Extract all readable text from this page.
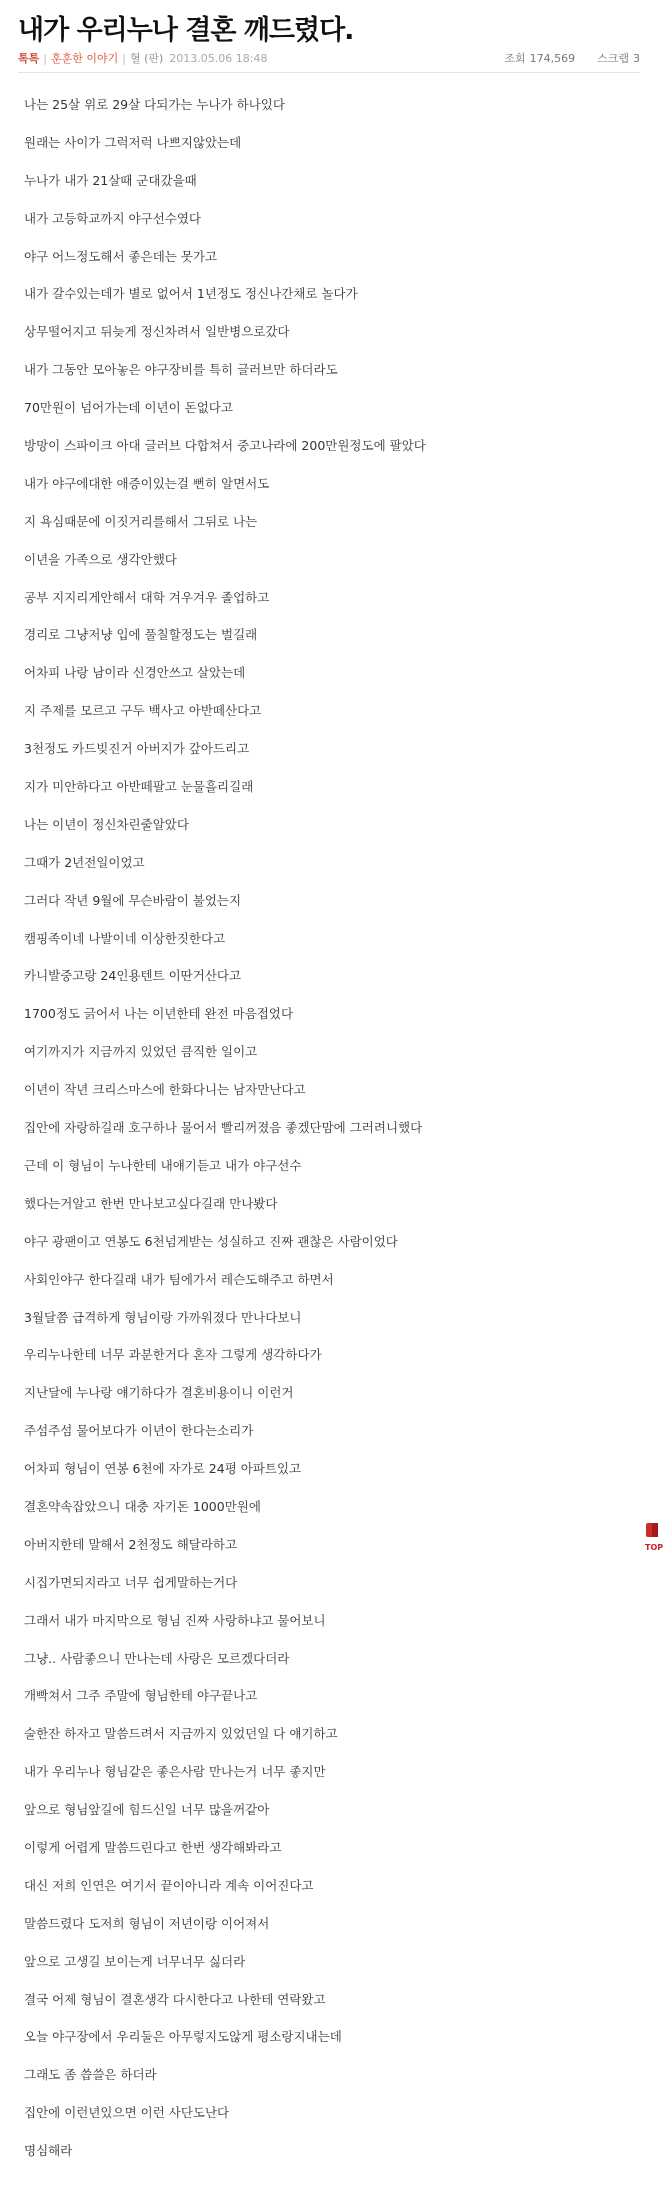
내가 우리누나 결혼 깨드렸다.
톡톡 | 훈훈한 이야기 | 혈 (판) 2013.05.06 18:48	조회 174,569 스크랩 3
나는 25살 위로 29살 다되가는 누나가 하나있다
원래는 사이가 그럭저럭 나쁘지않았는데
누나가 내가 21살때 군대갔을때
내가 고등학교까지 야구선수였다
야구 어느정도해서 좋은데는 못가고
내가 갈수있는데가 별로 없어서 1년정도 정신나간채로 놀다가
상무떨어지고 뒤늦게 정신차려서 일반병으로갔다
내가 그동안 모아놓은 야구장비를 특히 글러브만 하더라도
70만원이 넘어가는데 이년이 돈없다고
방망이 스파이크 아대 글러브 다합쳐서 중고나라에 200만원정도에 팔았다
내가 야구에대한 애증이있는걸 뻔히 알면서도
지 욕심때문에 이짓거리를해서 그뒤로 나는
이년을 가족으로 생각안했다
공부 지지리게안해서 대학 겨우겨우 졸업하고
경리로 그냥저냥 입에 풀칠할정도는 벌길래
어차피 나랑 남이라 신경안쓰고 살았는데
지 주제를 모르고 구두 백사고 아반떼산다고
3천정도 카드빚진거 아버지가 갚아드리고
지가 미안하다고 아반떼팔고 눈물흘리길래
나는 이년이 정신차린줄알았다
그때가 2년전일이었고
그러다 작년 9월에 무슨바람이 불었는지
캠핑족이네 나발이네 이상한짓한다고
카니발중고랑 24인용텐트 이딴거산다고
1700정도 긁어서 나는 이년한테 완전 마음접었다
여기까지가 지금까지 있었던 큼직한 일이고
이년이 작년 크리스마스에 한화다니는 남자만난다고
집안에 자랑하길래 호구하나 물어서 빨리꺼졌음 좋겠단맘에 그러려니했다
근데 이 형님이 누나한테 내얘기듣고 내가 야구선수
했다는거알고 한번 만나보고싶다길래 만나봤다
야구 광팬이고 연봉도 6천넘게받는 성실하고 진짜 괜찮은 사람이었다
사회인야구 한다길래 내가 팀에가서 레슨도해주고 하면서
3월달쯤 급격하게 형님이랑 가까워졌다 만나다보니
우리누나한테 너무 과분한거다 혼자 그렇게 생각하다가
지난달에 누나랑 얘기하다가 결혼비용이니 이런거
주섬주섬 물어보다가 이년이 한다는소리가
어차피 형님이 연봉 6천에 자가로 24평 아파트있고
결혼약속잡았으니 대충 자기돈 1000만원에
아버지한테 말해서 2천정도 해달라하고
시집가면되지라고 너무 쉽게말하는거다
그래서 내가 마지막으로 형님 진짜 사랑하냐고 물어보니
그냥.. 사람좋으니 만나는데 사랑은 모르겠다더라
개빡쳐서 그주 주말에 형님한테 야구끝나고
술한잔 하자고 말씀드려서 지금까지 있었던일 다 얘기하고
내가 우리누나 형님같은 좋은사람 만나는거 너무 좋지만
앞으로 형님앞길에 힘드신일 너무 많을꺼같아
이렇게 어렵게 말씀드린다고 한번 생각해봐라고
대신 저희 인연은 여기서 끝이아니라 계속 이어진다고
말씀드렸다 도저희 형님이 저년이랑 이어져서
앞으로 고생길 보이는게 너무너무 싫더라
결국 어제 형님이 결혼생각 다시한다고 나한테 연락왔고
오늘 야구장에서 우리둘은 아무렇지도않게 평소랑지내는데
그래도 좀 씁쓸은 하더라
집안에 이런년있으면 이런 사단도난다
명심해라
TOP
